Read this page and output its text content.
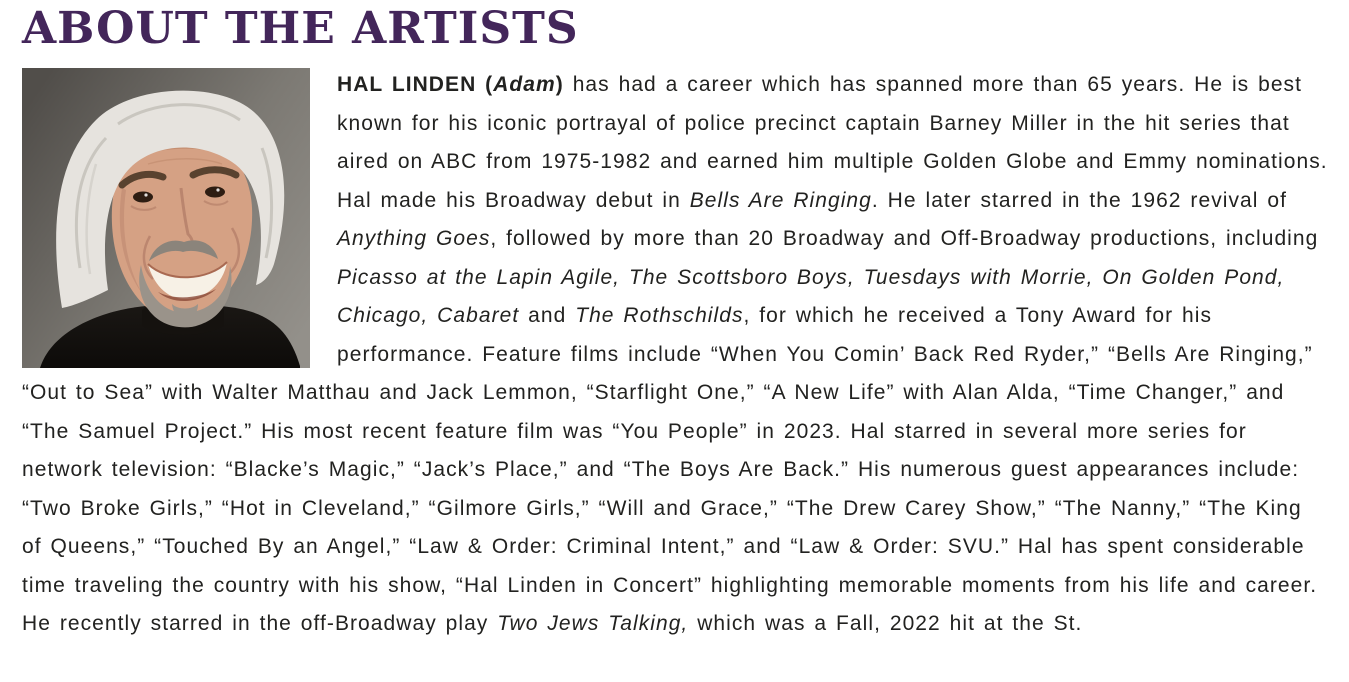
ABOUT THE ARTISTS

HAL LINDEN (Adam) has had a career which has spanned more than 65 years. He is best known for his iconic portrayal of police precinct captain Barney Miller in the hit series that aired on ABC from 1975-1982 and earned him multiple Golden Globe and Emmy nominations. Hal made his Broadway debut in Bells Are Ringing. He later starred in the 1962 revival of Anything Goes, followed by more than 20 Broadway and Off-Broadway productions, including Picasso at the Lapin Agile, The Scottsboro Boys, Tuesdays with Morrie, On Golden Pond, Chicago, Cabaret and The Rothschilds, for which he received a Tony Award for his performance. Feature films include “When You Comin’ Back Red Ryder,” “Bells Are Ringing,” “Out to Sea” with Walter Matthau and Jack Lemmon, “Starflight One,” “A New Life” with Alan Alda, “Time Changer,” and “The Samuel Project.” His most recent feature film was “You People” in 2023. Hal starred in several more series for network television: “Blacke’s Magic,” “Jack’s Place,” and “The Boys Are Back.” His numerous guest appearances include: “Two Broke Girls,” “Hot in Cleveland,” “Gilmore Girls,” “Will and Grace,” “The Drew Carey Show,” “The Nanny,” “The King of Queens,” “Touched By an Angel,” “Law & Order: Criminal Intent,” and “Law & Order: SVU.” Hal has spent considerable time traveling the country with his show, “Hal Linden in Concert” highlighting memorable moments from his life and career. He recently starred in the off-Broadway play Two Jews Talking, which was a Fall, 2022 hit at the St.
